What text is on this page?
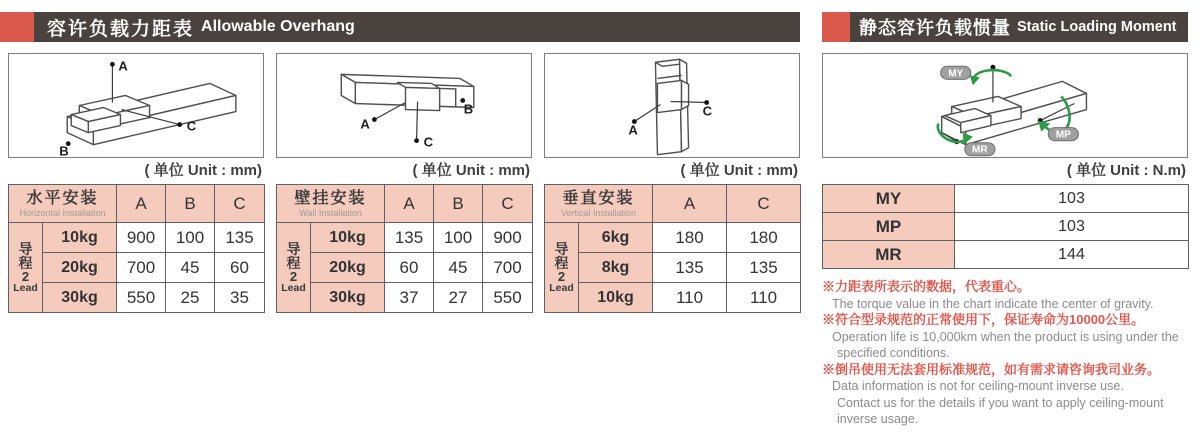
容许负载力距表 Allowable Overhang	静态容许负载惯量 Static Loading Moment
A
C
B
( 单位 Unit : mm)
水平安装
Horizontal Installation		A	B	C

导
程
2
Lead	10kg	900	100	135
	20kg	700	45	60
	30kg	550	25	35
A
C
B
( 单位 Unit : mm)
壁挂安装
Wall Installation		A	B	C

导
程
2
Lead	10kg	135	100	900
	20kg	60	45	700
	30kg	37	27	550
A
C
( 单位 Unit : mm)
垂直安装
Vertical Installation		A	C

导
程
2
Lead	6kg	180	180
	8kg	135	135
	10kg	110	110
MY
MP
MR
( 单位 Unit : N.m)
MY	103
MP	103
MR	144
※力距表所表示的数据，代表重心。
The torque value in the chart indicate the center of gravity.
※符合型录规范的正常使用下，保证寿命为10000公里。
Operation life is 10,000km when the product is using under the
specified conditions.
※倒吊使用无法套用标准规范，如有需求请咨询我司业务。
Data information is not for ceiling-mount inverse use.
Contact us for the details if you want to apply ceiling-mount
inverse usage.
